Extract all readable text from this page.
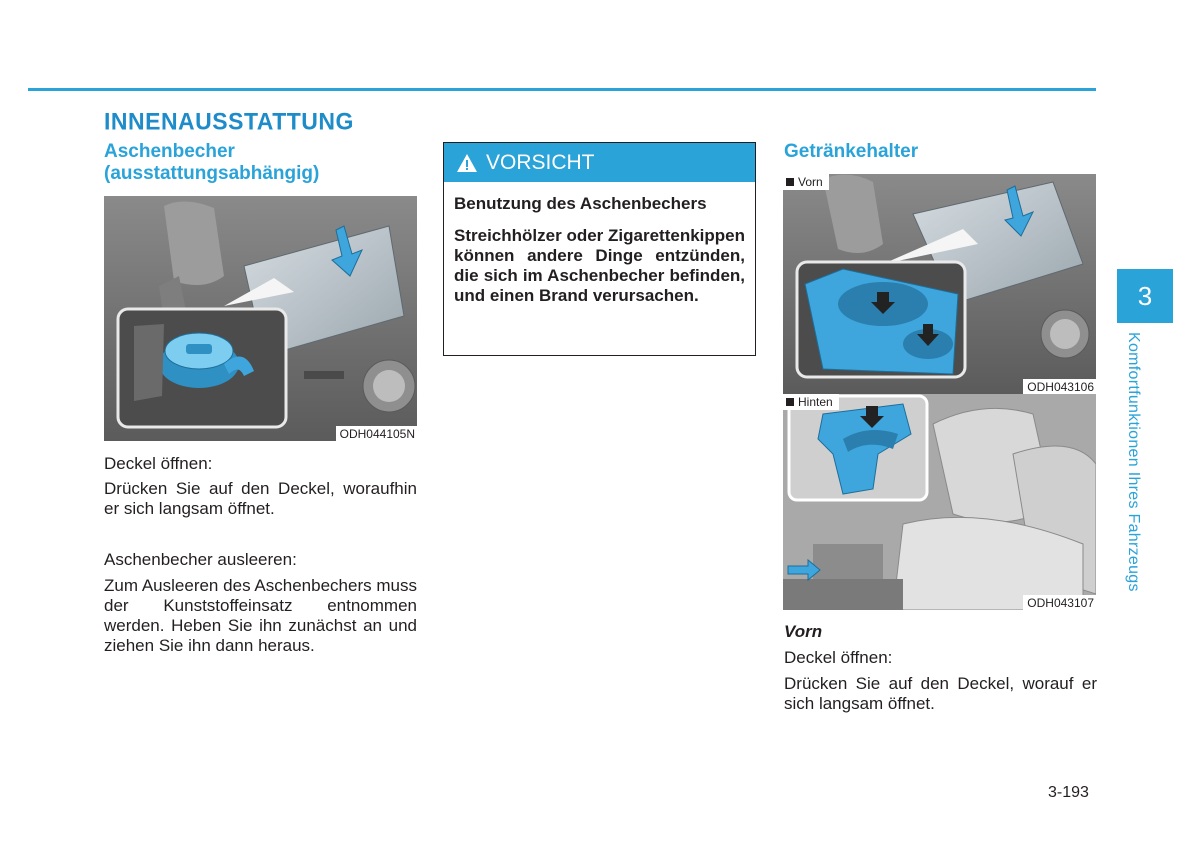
INNENAUSSTATTUNG
Aschenbecher
(ausstattungsabhängig)
ODH044105N
Deckel öffnen:
Drücken Sie auf den Deckel, woraufhin er sich langsam öffnet.
Aschenbecher ausleeren:
Zum Ausleeren des Aschenbechers muss der Kunststoffeinsatz entnommen werden. Heben Sie ihn zunächst an und ziehen Sie ihn dann heraus.
VORSICHT
Benutzung des Aschenbechers
Streichhölzer oder Zigarettenkippen können andere Dinge entzünden, die sich im Aschenbecher befinden, und einen Brand verursachen.
Getränkehalter
Vorn
ODH043106
Hinten
ODH043107
Vorn
Deckel öffnen:
Drücken Sie auf den Deckel, worauf er sich langsam öffnet.
3
Komfortfunktionen Ihres Fahrzeugs
3-193
